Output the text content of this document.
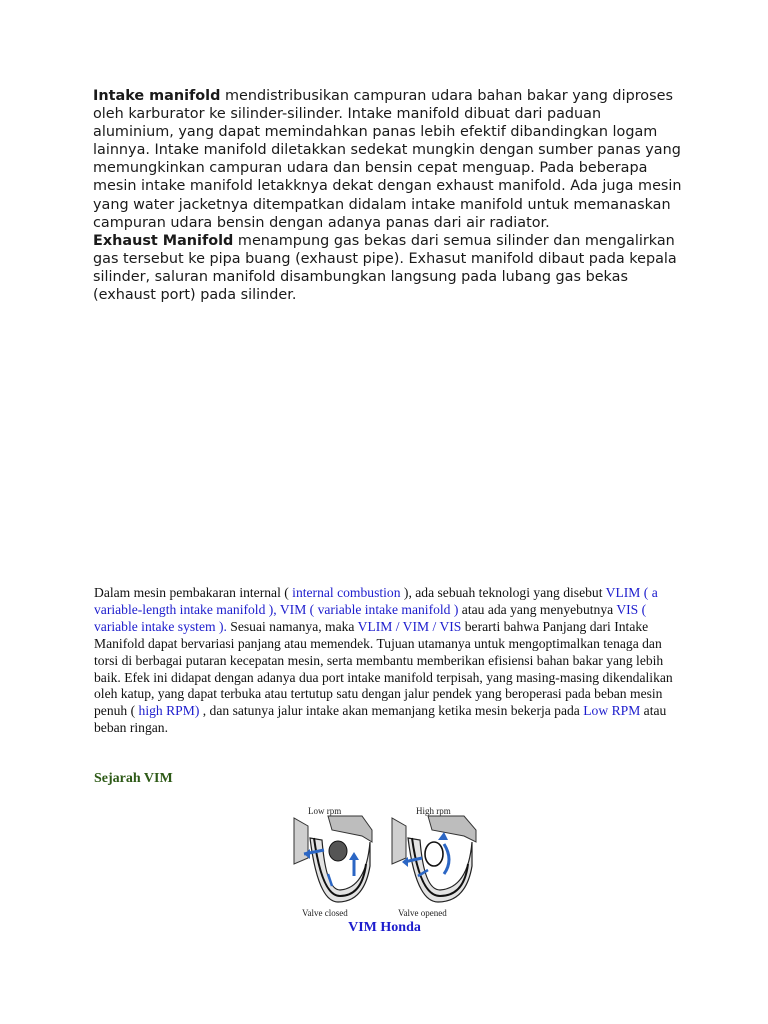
Intake manifold mendistribusikan campuran udara bahan bakar yang diproses oleh karburator ke silinder-silinder. Intake manifold dibuat dari paduan aluminium, yang dapat memindahkan panas lebih efektif dibandingkan logam lainnya. Intake manifold diletakkan sedekat mungkin dengan sumber panas yang memungkinkan campuran udara dan bensin cepat menguap. Pada beberapa mesin intake manifold letakknya dekat dengan exhaust manifold. Ada juga mesin yang water jacketnya ditempatkan didalam intake manifold untuk memanaskan campuran udara bensin dengan adanya panas dari air radiator.

Exhaust Manifold menampung gas bekas dari semua silinder dan mengalirkan gas tersebut ke pipa buang (exhaust pipe). Exhasut manifold dibaut pada kepala silinder, saluran manifold disambungkan langsung pada lubang gas bekas (exhaust port) pada silinder.

Dalam mesin pembakaran internal ( internal combustion ), ada sebuah teknologi yang disebut VLIM ( a variable-length intake manifold ), VIM ( variable intake manifold ) atau ada yang menyebutnya VIS ( variable intake system ). Sesuai namanya, maka VLIM / VIM / VIS berarti bahwa Panjang dari Intake Manifold dapat bervariasi panjang atau memendek. Tujuan utamanya untuk mengoptimalkan tenaga dan torsi di berbagai putaran kecepatan mesin, serta membantu memberikan efisiensi bahan bakar yang lebih baik. Efek ini didapat dengan adanya dua port intake manifold terpisah, yang masing-masing dikendalikan oleh katup, yang dapat terbuka atau tertutup satu dengan jalur pendek yang beroperasi pada beban mesin penuh ( high RPM) , dan satunya jalur intake akan memanjang ketika mesin bekerja pada Low RPM atau beban ringan.

Sejarah VIM
Low rpm
Valve closed
High rpm
Valve opened
VIM Honda
